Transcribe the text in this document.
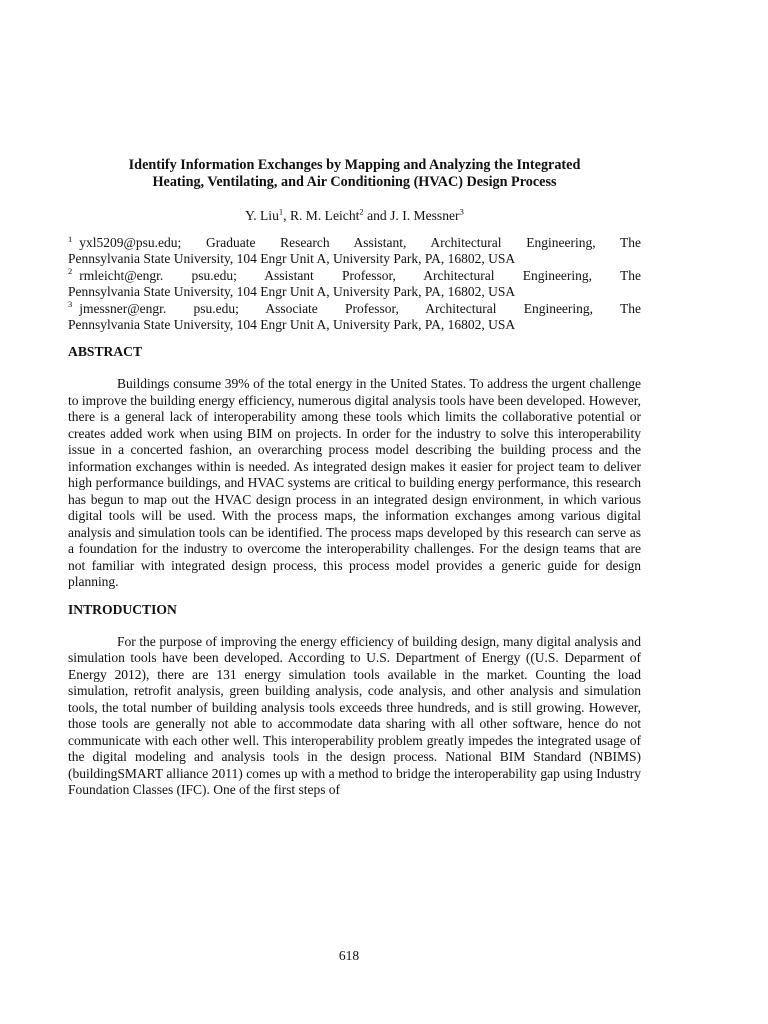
Identify Information Exchanges by Mapping and Analyzing the Integrated
Heating, Ventilating, and Air Conditioning (HVAC) Design Process
Y. Liu$^1$, R. M. Leicht$^2$ and J. I. Messner$^3$

$^1$ yxl5209@psu.edu; Graduate Research Assistant, Architectural Engineering, The
Pennsylvania State University, 104 Engr Unit A, University Park, PA, 16802, USA

$^2$ rmleicht@engr. psu.edu; Assistant Professor, Architectural Engineering, The
Pennsylvania State University, 104 Engr Unit A, University Park, PA, 16802, USA

$^3$ jmessner@engr. psu.edu; Associate Professor, Architectural Engineering, The
Pennsylvania State University, 104 Engr Unit A, University Park, PA, 16802, USA

ABSTRACT

Buildings consume 39% of the total energy in the United States. To address the urgent challenge to improve the building energy efficiency, numerous digital analysis tools have been developed. However, there is a general lack of interoperability among these tools which limits the collaborative potential or creates added work when using BIM on projects. In order for the industry to solve this interoperability issue in a concerted fashion, an overarching process model describing the building process and the information exchanges within is needed. As integrated design makes it easier for project team to deliver high performance buildings, and HVAC systems are critical to building energy performance, this research has begun to map out the HVAC design process in an integrated design environment, in which various digital tools will be used. With the process maps, the information exchanges among various digital analysis and simulation tools can be identified. The process maps developed by this research can serve as a foundation for the industry to overcome the interoperability challenges. For the design teams that are not familiar with integrated design process, this process model provides a generic guide for design planning.

INTRODUCTION

For the purpose of improving the energy efficiency of building design, many digital analysis and simulation tools have been developed. According to U.S. Department of Energy ((U.S. Deparment of Energy 2012), there are 131 energy simulation tools available in the market. Counting the load simulation, retrofit analysis, green building analysis, code analysis, and other analysis and simulation tools, the total number of building analysis tools exceeds three hundreds, and is still growing. However, those tools are generally not able to accommodate data sharing with all other software, hence do not communicate with each other well. This interoperability problem greatly impedes the integrated usage of the digital modeling and analysis tools in the design process. National BIM Standard (NBIMS) (buildingSMART alliance 2011) comes up with a method to bridge the interoperability gap using Industry Foundation Classes (IFC). One of the first steps of

618
